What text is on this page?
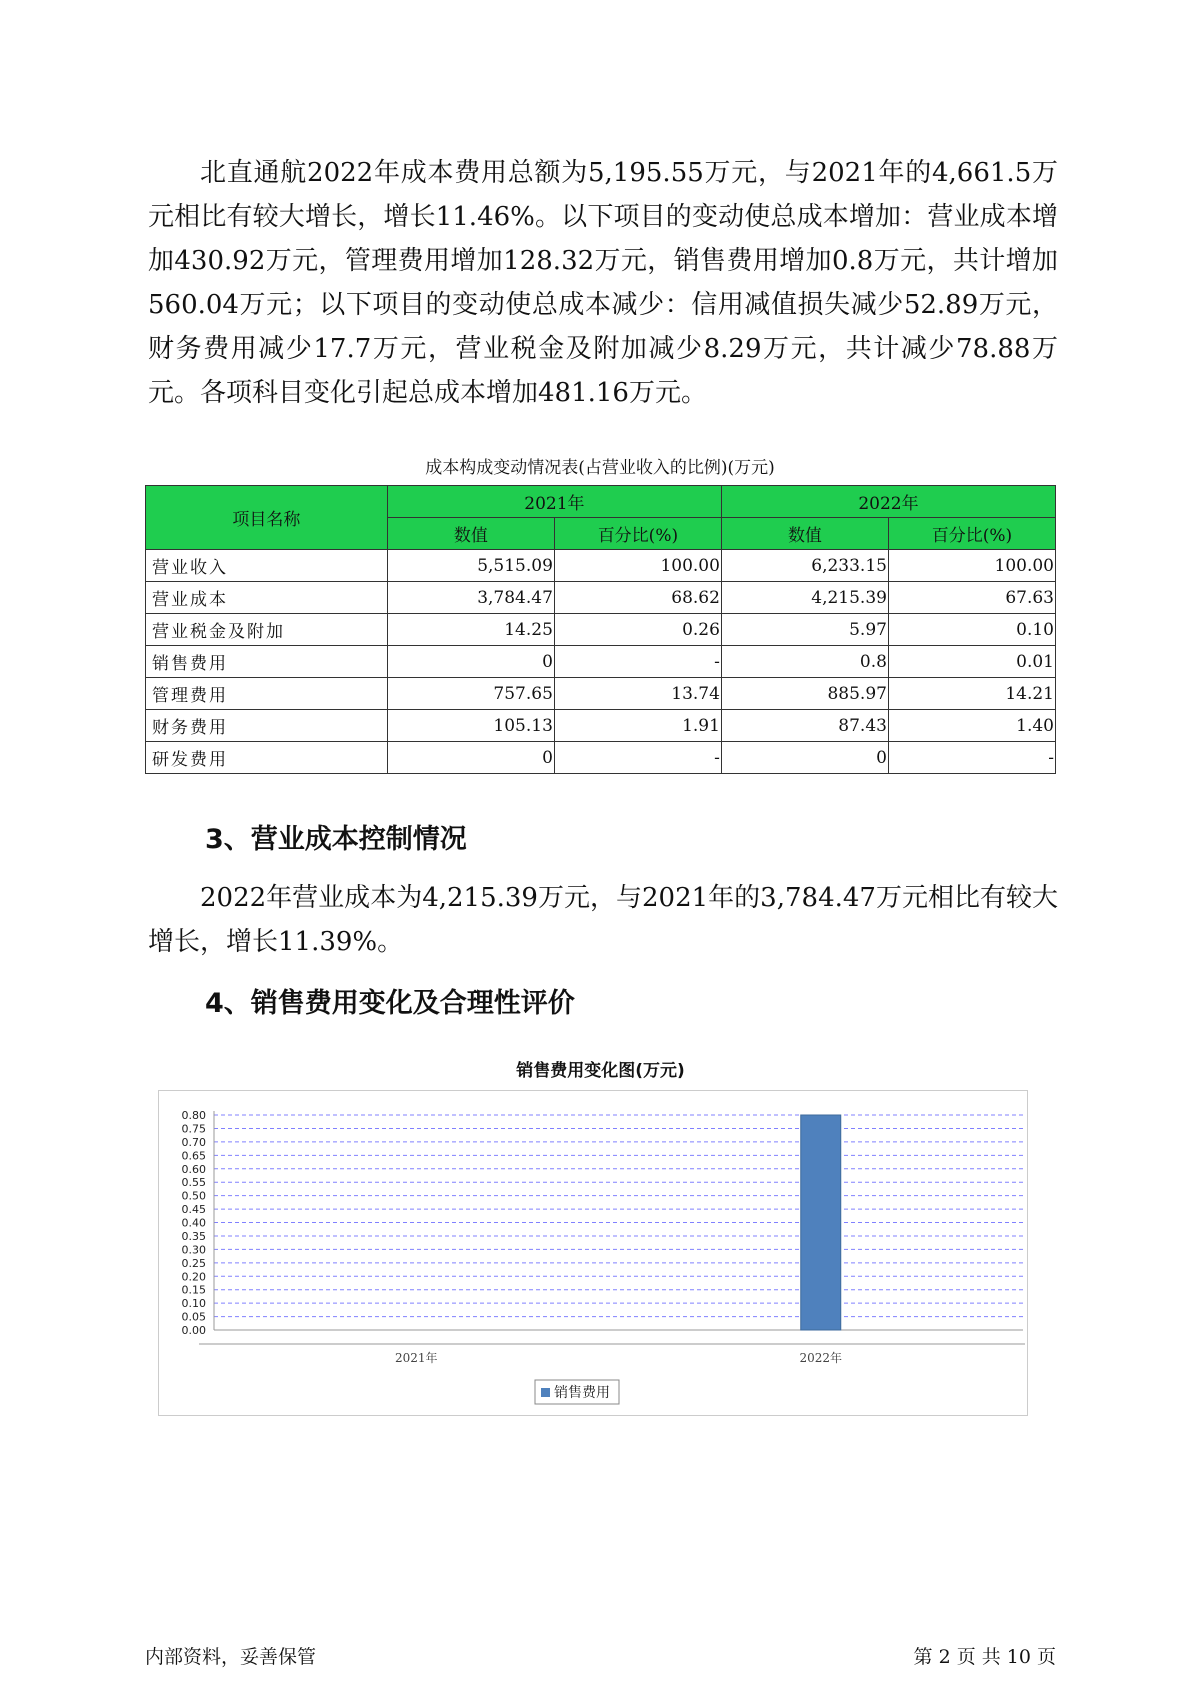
北直通航2022年成本费用总额为5,195.55万元，与2021年的4,661.5万元相比有较大增长，增长11.46%。以下项目的变动使总成本增加：营业成本增加430.92万元，管理费用增加128.32万元，销售费用增加0.8万元，共计增加560.04万元；以下项目的变动使总成本减少：信用减值损失减少52.89万元，财务费用减少17.7万元，营业税金及附加减少8.29万元，共计减少78.88万元。各项科目变化引起总成本增加481.16万元。

成本构成变动情况表(占营业收入的比例)(万元)
项目名称	2021年		2022年	
	数值	百分比(%)	数值	百分比(%)
营业收入	5,515.09	100.00	6,233.15	100.00
营业成本	3,784.47	68.62	4,215.39	67.63
营业税金及附加	14.25	0.26	5.97	0.10
销售费用	0	-	0.8	0.01
管理费用	757.65	13.74	885.97	14.21
财务费用	105.13	1.91	87.43	1.40
研发费用	0	-	0	-
3、营业成本控制情况

2022年营业成本为4,215.39万元，与2021年的3,784.47万元相比有较大增长，增长11.39%。

4、销售费用变化及合理性评价
销售费用变化图(万元)
0.00
0.05
0.10
0.15
0.20
0.25
0.30
0.35
0.40
0.45
0.50
0.55
0.60
0.65
0.70
0.75
0.80
2021年	2022年
销售费用
内部资料，妥善保管	第 2 页 共 10 页
